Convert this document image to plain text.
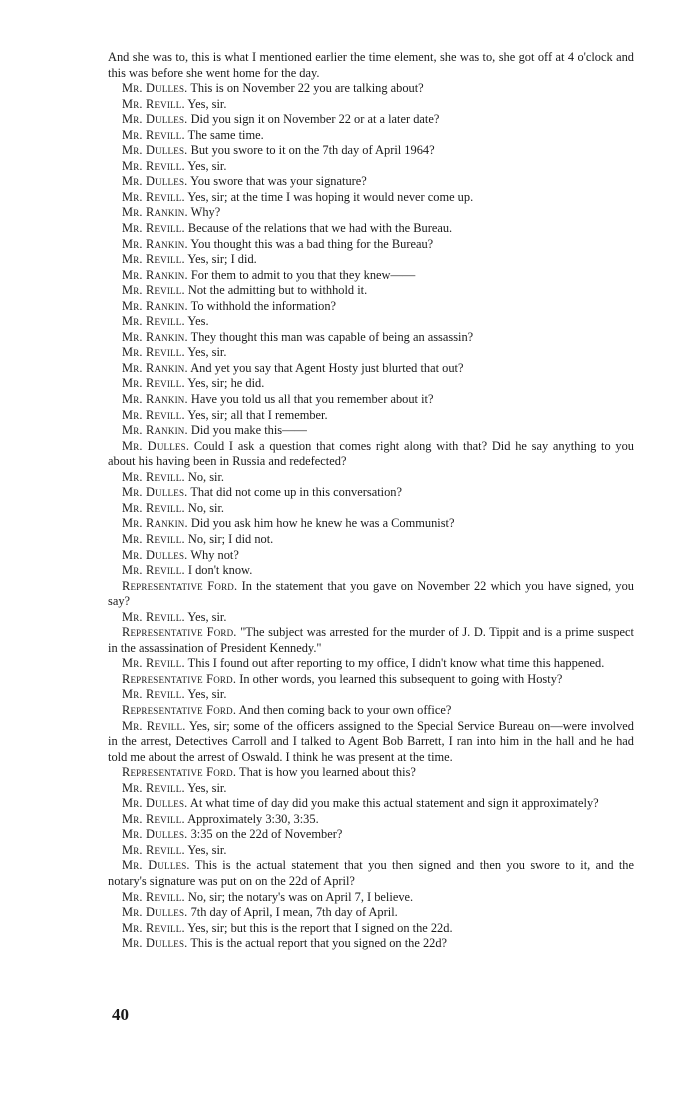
And she was to, this is what I mentioned earlier the time element, she was to, she got off at 4 o'clock and this was before she went home for the day.
Mr. Dulles. This is on November 22 you are talking about?
Mr. Revill. Yes, sir.
Mr. Dulles. Did you sign it on November 22 or at a later date?
Mr. Revill. The same time.
Mr. Dulles. But you swore to it on the 7th day of April 1964?
Mr. Revill. Yes, sir.
Mr. Dulles. You swore that was your signature?
Mr. Revill. Yes, sir; at the time I was hoping it would never come up.
Mr. Rankin. Why?
Mr. Revill. Because of the relations that we had with the Bureau.
Mr. Rankin. You thought this was a bad thing for the Bureau?
Mr. Revill. Yes, sir; I did.
Mr. Rankin. For them to admit to you that they knew——
Mr. Revill. Not the admitting but to withhold it.
Mr. Rankin. To withhold the information?
Mr. Revill. Yes.
Mr. Rankin. They thought this man was capable of being an assassin?
Mr. Revill. Yes, sir.
Mr. Rankin. And yet you say that Agent Hosty just blurted that out?
Mr. Revill. Yes, sir; he did.
Mr. Rankin. Have you told us all that you remember about it?
Mr. Revill. Yes, sir; all that I remember.
Mr. Rankin. Did you make this——
Mr. Dulles. Could I ask a question that comes right along with that? Did he say anything to you about his having been in Russia and redefected?
Mr. Revill. No, sir.
Mr. Dulles. That did not come up in this conversation?
Mr. Revill. No, sir.
Mr. Rankin. Did you ask him how he knew he was a Communist?
Mr. Revill. No, sir; I did not.
Mr. Dulles. Why not?
Mr. Revill. I don't know.
Representative Ford. In the statement that you gave on November 22 which you have signed, you say?
Mr. Revill. Yes, sir.
Representative Ford. "The subject was arrested for the murder of J. D. Tippit and is a prime suspect in the assassination of President Kennedy."
Mr. Revill. This I found out after reporting to my office, I didn't know what time this happened.
Representative Ford. In other words, you learned this subsequent to going with Hosty?
Mr. Revill. Yes, sir.
Representative Ford. And then coming back to your own office?
Mr. Revill. Yes, sir; some of the officers assigned to the Special Service Bureau on—were involved in the arrest, Detectives Carroll and I talked to Agent Bob Barrett, I ran into him in the hall and he had told me about the arrest of Oswald. I think he was present at the time.
Representative Ford. That is how you learned about this?
Mr. Revill. Yes, sir.
Mr. Dulles. At what time of day did you make this actual statement and sign it approximately?
Mr. Revill. Approximately 3:30, 3:35.
Mr. Dulles. 3:35 on the 22d of November?
Mr. Revill. Yes, sir.
Mr. Dulles. This is the actual statement that you then signed and then you swore to it, and the notary's signature was put on on the 22d of April?
Mr. Revill. No, sir; the notary's was on April 7, I believe.
Mr. Dulles. 7th day of April, I mean, 7th day of April.
Mr. Revill. Yes, sir; but this is the report that I signed on the 22d.
Mr. Dulles. This is the actual report that you signed on the 22d?
40
